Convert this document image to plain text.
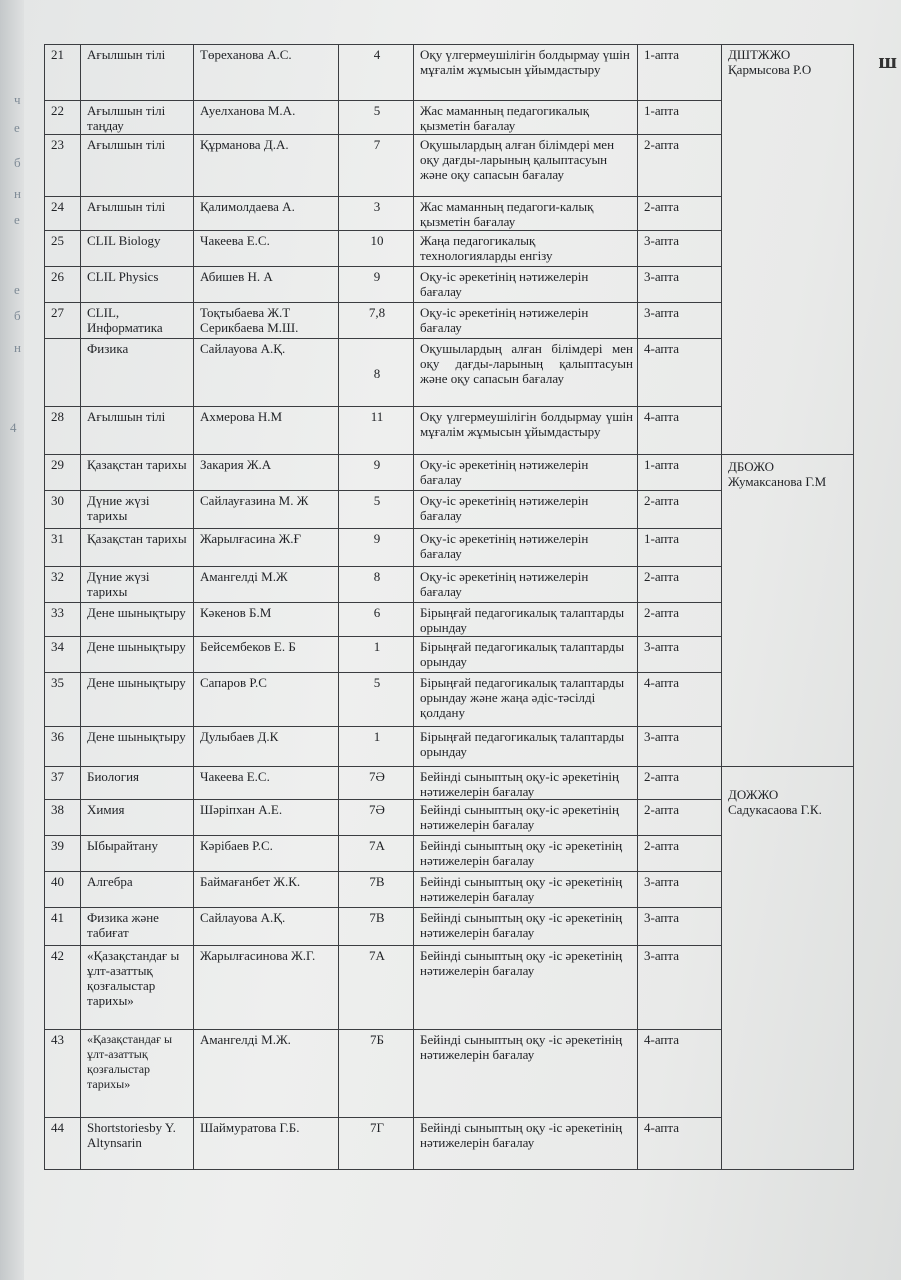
ч
е
б
н
е
е
б
н
4
ш
21	Ағылшын тілі	Төреханова А.С.	4	Оқу үлгермеушілігін болдырмау үшін мұғалім жұмысын ұйымдастыру	1-апта	ДШТЖЖО
Қармысова Р.О

22	Ағылшын тілі таңдау	Ауелханова М.А.	5	Жас маманның педагогикалық қызметін бағалау	1-апта	
23	Ағылшын тілі	Құрманова Д.А.	7	Оқушылардың алған білімдері мен оқу дағды-ларының қалыптасуын және оқу сапасын бағалау	2-апта	
24	Ағылшын тілі	Қалимолдаева А.	3	Жас маманның педагоги-калық қызметін бағалау	2-апта	
25	CLIL Biology	Чакеева Е.С.	10	Жаңа педагогикалық технологияларды енгізу	3-апта	
26	CLIL Physics	Абишев Н. А	9	Оқу-іс әрекетінің нәтижелерін бағалау	3-апта	
27	CLIL, Информатика	Тоқтыбаева Ж.Т Серикбаева М.Ш.	7,8	Оқу-іс әрекетінің нәтижелерін бағалау	3-апта	
	Физика	Сайлауова А.Қ.	8	Оқушылардың алған білімдері мен оқу дағды-ларының қалыптасуын және оқу сапасын бағалау	4-апта	
28	Ағылшын тілі	Ахмерова Н.М	11	Оқу үлгермеушілігін болдырмау үшін мұғалім жұмысын ұйымдастыру	4-апта	
29	Қазақстан тарихы	Закария Ж.А	9	Оқу-іс әрекетінің нәтижелерін бағалау	1-апта	ДБОЖО
Жумаксанова Г.М

30	Дүние жүзі тарихы	Сайлауғазина М. Ж	5	Оқу-іс әрекетінің нәтижелерін бағалау	2-апта	
31	Қазақстан тарихы	Жарылғасина Ж.Ғ	9	Оқу-іс әрекетінің нәтижелерін бағалау	1-апта	
32	Дүние жүзі тарихы	Амангелді М.Ж	8	Оқу-іс әрекетінің нәтижелерін бағалау	2-апта	
33	Дене шынықтыру	Кәкенов Б.М	6	Бірыңғай педагогикалық талаптарды орындау	2-апта	
34	Дене шынықтыру	Бейсембеков Е. Б	1	Бірыңғай педагогикалық талаптарды орындау	3-апта	
35	Дене шынықтыру	Сапаров Р.С	5	Бірыңғай педагогикалық талаптарды орындау және жаңа әдіс-тәсілді қолдану	4-апта	
36	Дене шынықтыру	Дулыбаев Д.К	1	Бірыңғай педагогикалық талаптарды орындау	3-апта	
37	Биология	Чакеева Е.С.	7Ә	Бейінді сыныптың оқу-іс әрекетінің нәтижелерін бағалау	2-апта	ДОЖЖО
Садукасаова Г.К.

38	Химия	Шәріпхан А.Е.	7Ә	Бейінді сыныптың оқу-іс әрекетінің нәтижелерін бағалау	2-апта	
39	Ыбырайтану	Кәрібаев Р.С.	7А	Бейінді сыныптың оқу -іс әрекетінің нәтижелерін бағалау	2-апта	
40	Алгебра	Баймағанбет Ж.К.	7В	Бейінді сыныптың оқу -іс әрекетінің нәтижелерін бағалау	3-апта	
41	Физика және табиғат	Сайлауова А.Қ.	7В	Бейінді сыныптың оқу -іс әрекетінің нәтижелерін бағалау	3-апта	
42	«Қазақстандағ ы ұлт-азаттық қозғалыстар тарихы»	Жарылғасинова Ж.Г.	7А	Бейінді сыныптың оқу -іс әрекетінің нәтижелерін бағалау	3-апта	
43	«Қазақстандағ ы ұлт-азаттық қозғалыстар тарихы»	Амангелді М.Ж.	7Б	Бейінді сыныптың оқу -іс әрекетінің нәтижелерін бағалау	4-апта	
44	Shortstoriesby Y. Altynsarin	Шаймуратова Г.Б.	7Г	Бейінді сыныптың оқу -іс әрекетінің нәтижелерін бағалау	4-апта	
